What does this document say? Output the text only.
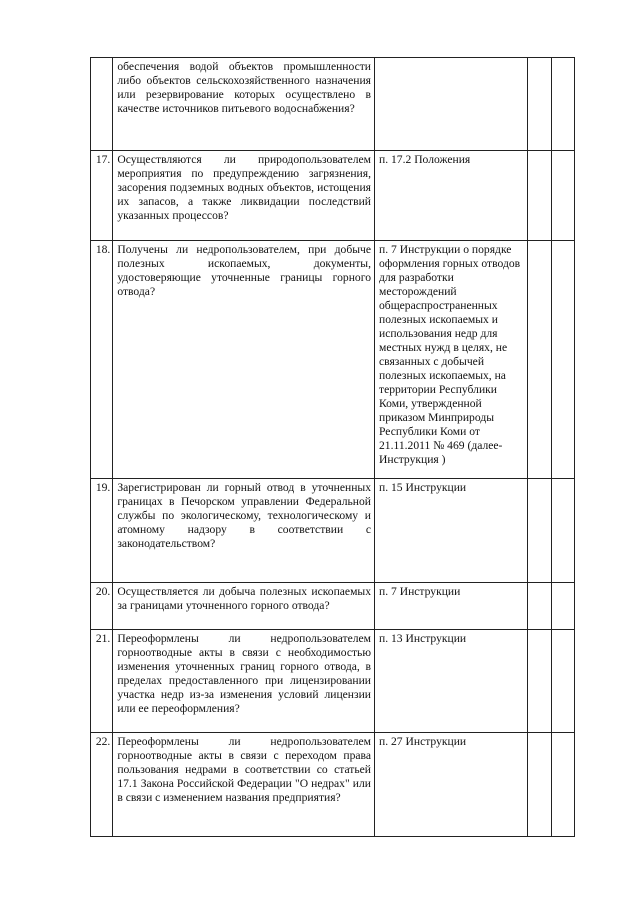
	обеспечения водой объектов промышленности либо объектов сельскохозяйственного назначения или резервирование которых осуществлено в качестве источников питьевого водоснабжения?			
17.	Осуществляются ли природопользователем мероприятия по предупреждению загрязнения, засорения подземных водных объектов, истощения их запасов, а также ликвидации последствий указанных процессов?	п. 17.2 Положения		
18.	Получены ли недропользователем, при добыче полезных ископаемых, документы, удостоверяющие уточненные границы горного отвода?	п. 7 Инструкции о порядке оформления горных отводов для разработки месторождений общераспространенных полезных ископаемых и использования недр для местных нужд в целях, не связанных с добычей полезных ископаемых, на территории Республики Коми, утвержденной приказом Минприроды Республики Коми от 21.11.2011 № 469 (далее- Инструкция )		
19.	Зарегистрирован ли горный отвод в уточненных границах в Печорском управлении Федеральной службы по экологическому, технологическому и атомному надзору в соответствии с законодательством?	п. 15 Инструкции		
20.	Осуществляется ли добыча полезных ископаемых за границами уточненного горного отвода?	п. 7 Инструкции		
21.	Переоформлены ли недропользователем горноотводные акты в связи с необходимостью изменения уточненных границ горного отвода, в пределах предоставленного при лицензировании участка недр из-за изменения условий лицензии или ее переоформления?	п. 13 Инструкции		
22.	Переоформлены ли недропользователем горноотводные акты в связи с переходом права пользования недрами в соответствии со статьей 17.1 Закона Российской Федерации "О недрах" или в связи с изменением названия предприятия?	п. 27 Инструкции		
